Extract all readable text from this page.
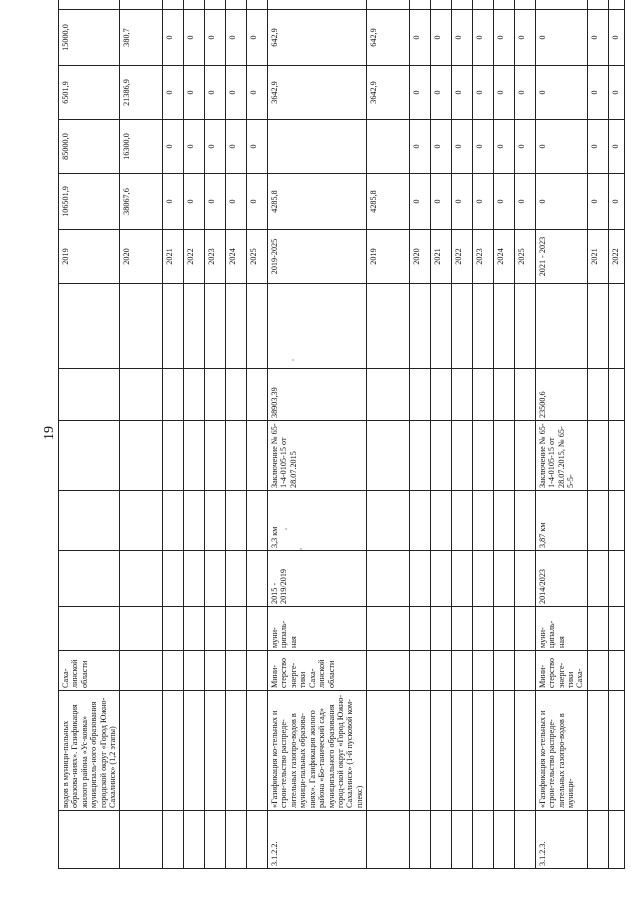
19
	водов в муници-пальных образова-ниях». Газификация жилого района «Ус-ковка» муниципаль-ного образования городской округ «Город Южно-Сахалинск» (1,2 этапы)	Саха-линской области							2019	106501,9	85000,0	6501,9	15000,0		
									2020	38067,6	16300,0	21386,9	380,7		
									2021	0	0	0	0		
									2022	0	0	0	0		
									2023	0	0	0	0		
									2024	0	0	0	0		
									2025	0	0	0	0		
3.1.2.2.	«Газификация ко-тельных и строи-тельство распреде-лительных газопро-водов в муници-пальных образова-ниях». Газификация жилого района «Бо-танический сад» муниципального образования город-ской округ «Город Южно-Сахалинск» (1-й пусковой ком-плекс)	Мини-стерство энерге-тики Саха-линской области	муни-ципаль-ная	2015 - 2019/2019	3,3 км	Заключение № 65-1-4-0105-15 от 28.07.2015	38903,39		2019-2025	4285,8		3642,9	642,9		
									2019	4285,8		3642,9	642,9		
									2020	0	0	0	0		
									2021	0	0	0	0		
									2022	0	0	0	0		
									2023	0	0	0	0		
									2024	0	0	0	0		
									2025	0	0	0	0		
3.1.2.3.	«Газификация ко-тельных и строи-тельство распреде-лительных газопро-водов в муници-	Мини-стерство энерге-тики Саха-	муни-ципаль-ная	2014/2023	3,87 км	Заключение № 65-1-4-0105-15 от 28.07.2015, № 65-5-5-	23500,6		2021 - 2023	0	0	0	0		
									2021	0	0	0	0		
									2022	0	0	0	0		
